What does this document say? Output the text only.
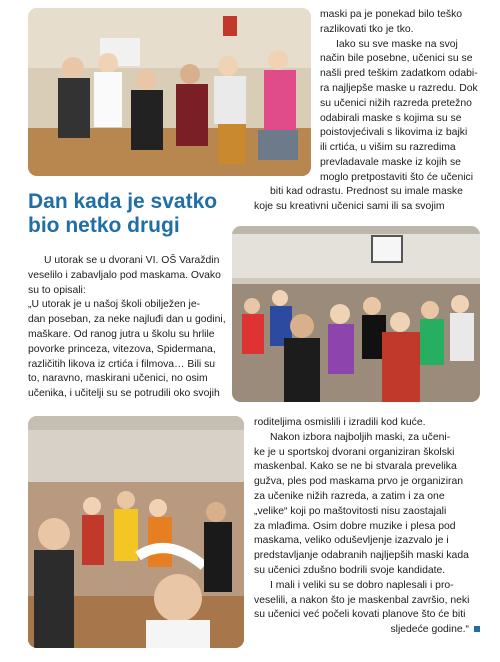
maski pa je ponekad bilo teško
razlikovati tko je tko.
Iako su sve maske na svoj
način bile posebne, učenici su se
našli pred teškim zadatkom odabi-
ra najljepše maske u razredu. Dok
su učenici nižih razreda pretežno
odabirali maske s kojima su se
poistovjećivali s likovima iz bajki
ili crtića, u višim su razredima
prevladavale maske iz kojih se
moglo pretpostaviti što će učenici
biti kad odrastu. Prednost su imale maske
koje su kreativni učenici sami ili sa svojim
Dan kada je svatko bio netko drugi
U utorak se u dvorani VI. OŠ Varaždin
veselilo i zabavljalo pod maskama. Ovako
su to opisali:
„U utorak je u našoj školi obilježen je-
dan poseban, za neke najluđi dan u godini,
maškare. Od ranog jutra u školu su hrlile
povorke princeza, vitezova, Spidermana,
različitih likova iz crtića i filmova… Bili su
to, naravno, maskirani učenici, no osim
učenika, i učitelji su se potrudili oko svojih
roditeljima osmislili i izradili kod kuće.
Nakon izbora najboljih maski, za učeni-
ke je u sportskoj dvorani organiziran školski
maskenbal. Kako se ne bi stvarala prevelika
gužva, ples pod maskama prvo je organiziran
za učenike nižih razreda, a zatim i za one
„velike“ koji po maštovitosti nisu zaostajali
za mlađima. Osim dobre muzike i plesa pod
maskama, veliko oduševljenje izazvalo je i
predstavljanje odabranih najljepših maski kada
su učenici zdušno bodrili svoje kandidate.
I mali i veliki su se dobro naplesali i pro-
veselili, a nakon što je maskenbal završio, neki
su učenici već počeli kovati planove što će biti
sljedeće godine.“
